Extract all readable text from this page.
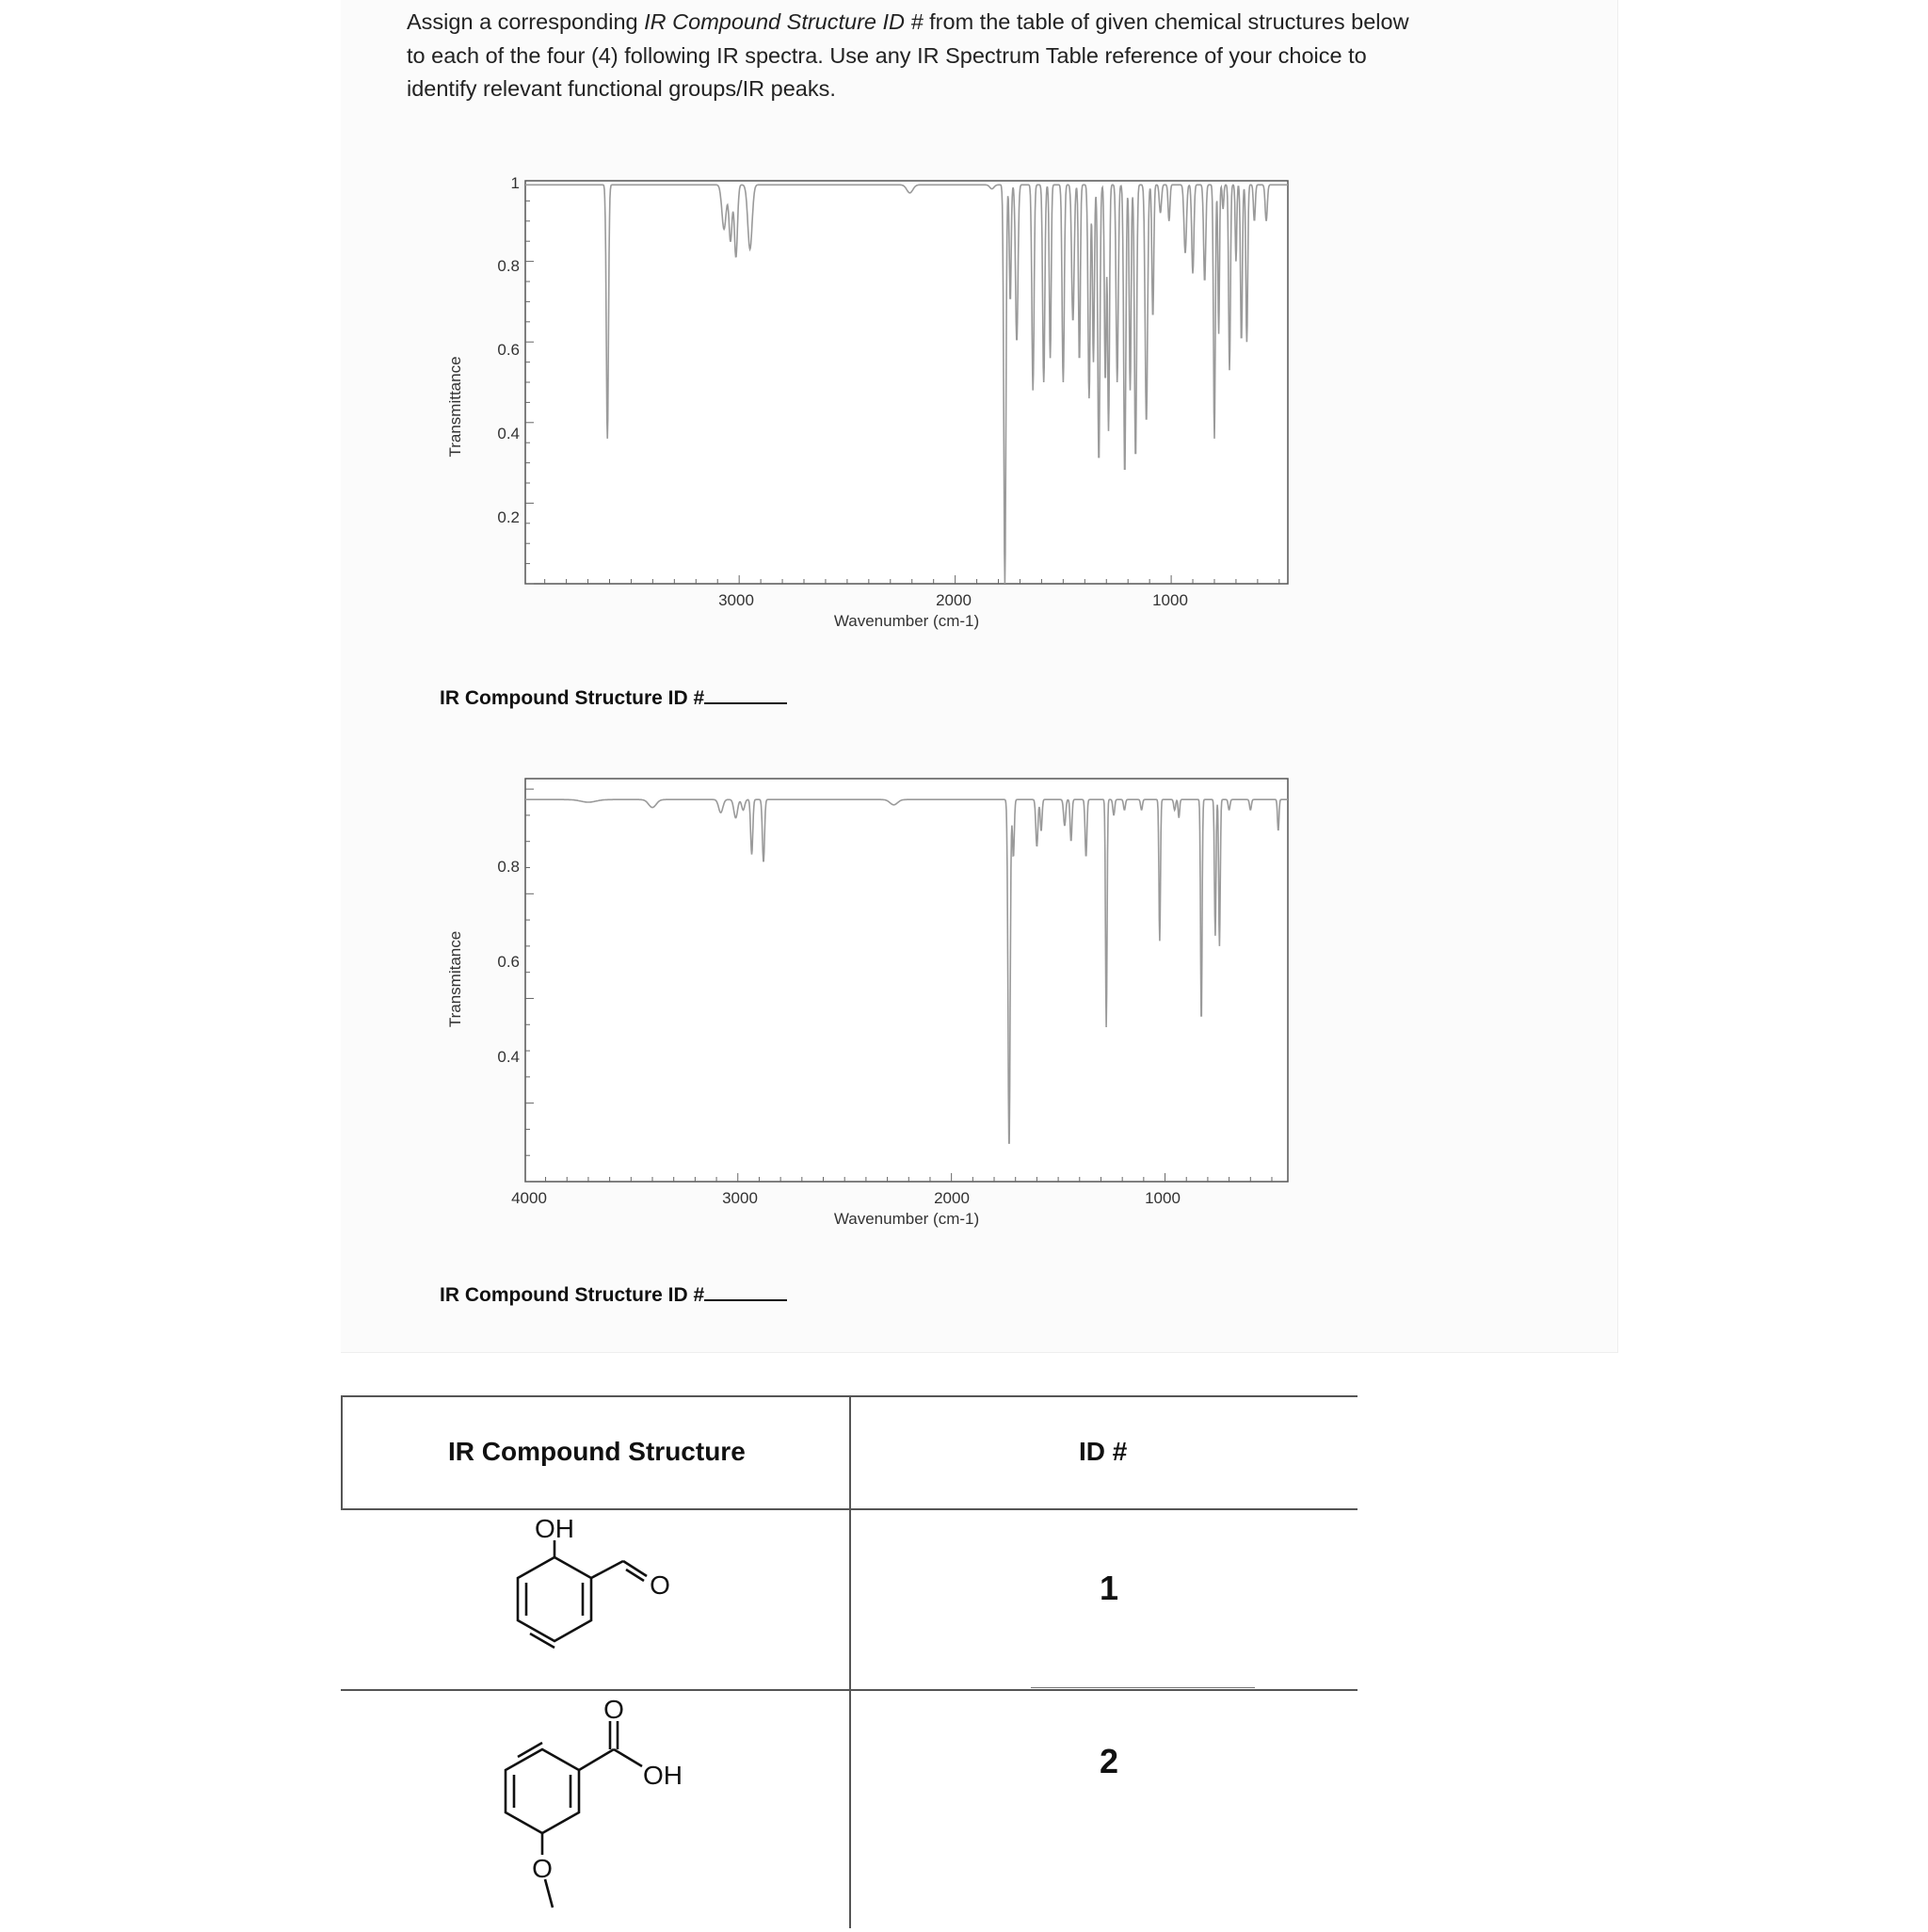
Assign a corresponding IR Compound Structure ID # from the table of given chemical structures below to each of the four (4) following IR spectra. Use any IR Spectrum Table reference of your choice to identify relevant functional groups/IR peaks.

Transmittance
Wavenumber (cm-1)
1
0.8
0.6
0.4
0.2
3000	2000	1000
IR Compound Structure ID #
Transmitance
Wavenumber (cm-1)
0.8
0.6
0.4
4000	3000	2000	1000
IR Compound Structure ID #
IR Compound Structure	ID #
OH
O	1
O
OH
O
2
